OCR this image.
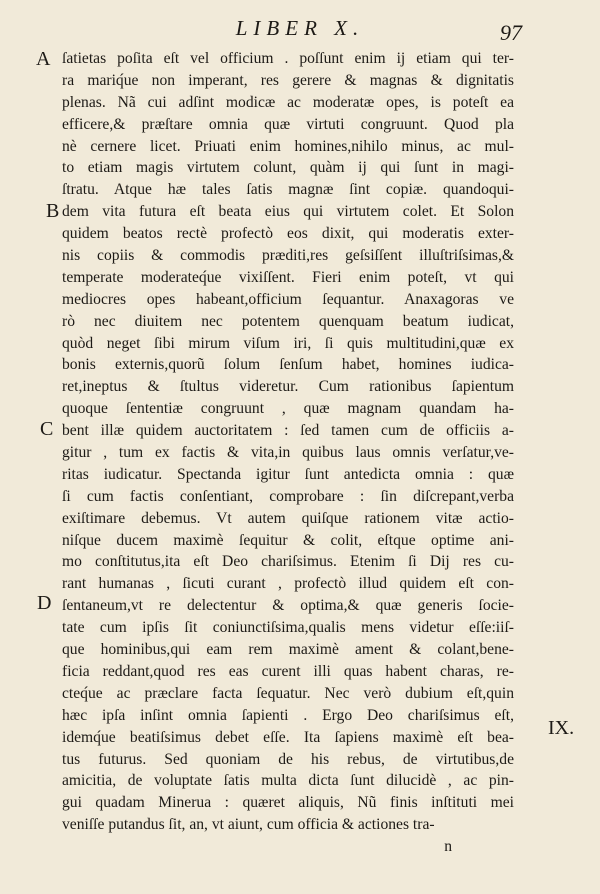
LIBER X.	97
A
B
C
D
IX.
ſatietas poſita eſt vel officium . poſſunt enim ij etiam qui ter-
ra mariq́ue non imperant, res gerere & magnas & dignitatis
plenas. Nã cui adſint modicæ ac moderatæ opes, is poteſt ea
efficere,& præſtare omnia quæ virtuti congruunt. Quod pla
nè cernere licet. Priuati enim homines,nihilo minus, ac mul-
to etiam magis virtutem colunt, quàm ij qui ſunt in magi-
ſtratu. Atque hæ tales ſatis magnæ ſint copiæ. quandoqui-
dem vita futura eſt beata eius qui virtutem colet. Et Solon
quidem beatos rectè profectò eos dixit, qui moderatis exter-
nis copiis & commodis præditi,res geſsiſſent illuſtriſsimas,&
temperate moderateq́ue vixiſſent. Fieri enim poteſt, vt qui
mediocres opes habeant,officium ſequantur. Anaxagoras ve
rò nec diuitem nec potentem quenquam beatum iudicat,
quòd neget ſibi mirum viſum iri, ſi quis multitudini,quæ ex
bonis externis,quorũ ſolum ſenſum habet, homines iudica-
ret,ineptus & ſtultus videretur. Cum rationibus ſapientum
quoque ſententiæ congruunt , quæ magnam quandam ha-
bent illæ quidem auctoritatem : ſed tamen cum de officiis a-
gitur , tum ex factis & vita,in quibus laus omnis verſatur,ve-
ritas iudicatur. Spectanda igitur ſunt antedicta omnia : quæ
ſi cum factis conſentiant, comprobare : ſin diſcrepant,verba
exiſtimare debemus. Vt autem quiſque rationem vitæ actio-
niſque ducem maximè ſequitur & colit, eſtque optime ani-
mo conſtitutus,ita eſt Deo chariſsimus. Etenim ſi Dij res cu-
rant humanas , ſicuti curant , profectò illud quidem eſt con-
ſentaneum,vt re delectentur & optima,& quæ generis ſocie-
tate cum ipſis ſit coniunctiſsima,qualis mens videtur eſſe:iiſ-
que hominibus,qui eam rem maximè ament & colant,bene-
ficia reddant,quod res eas curent illi quas habent charas, re-
cteq́ue ac præclare facta ſequatur. Nec verò dubium eſt,quin
hæc ipſa inſint omnia ſapienti . Ergo Deo chariſsimus eſt,
idemq́ue beatiſsimus debet eſſe. Ita ſapiens maximè eſt bea-
tus futurus. Sed quoniam de his rebus, de virtutibus,de
amicitia, de voluptate ſatis multa dicta ſunt dilucidè , ac pin-
gui quadam Minerua : quæret aliquis, Nũ finis inſtituti mei
veniſſe putandus ſit, an, vt aiunt, cum officia & actiones tra-
n
